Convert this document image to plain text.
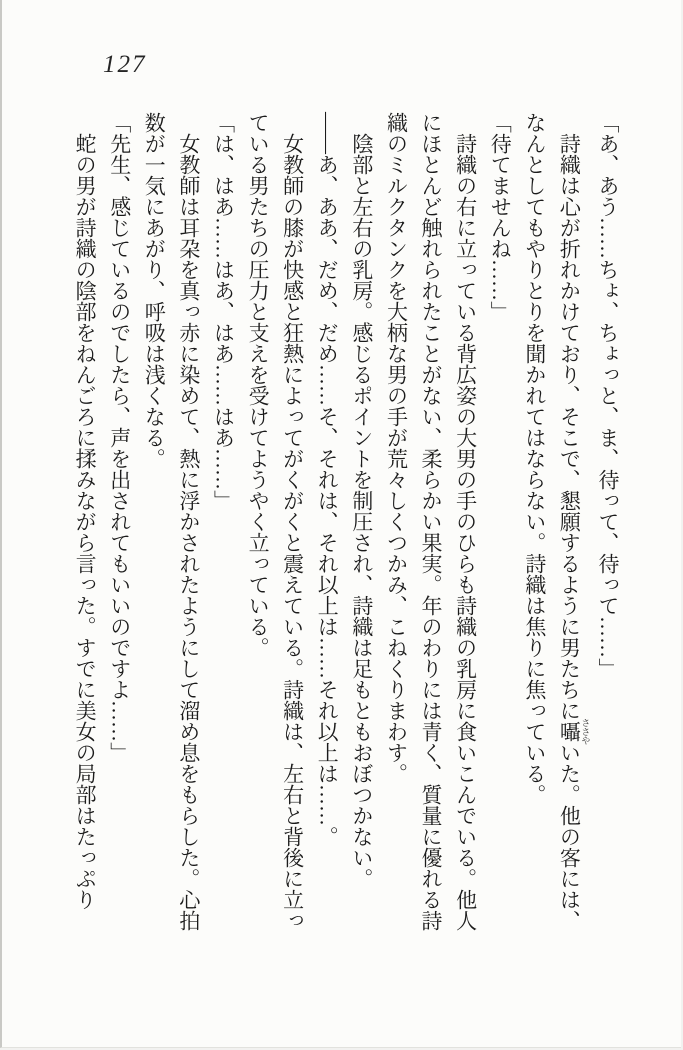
127

「あ、あう……ちょ、ちょっと、ま、待って、待って……」

詩織は心が折れかけており、そこで、懇願するように男たちに囁 ささやいた。他の客には、なんとしてもやりとりを聞かれてはならない。詩織は焦りに焦っている。

「待てませんね……」

詩織の右に立っている背広姿の大男の手のひらも詩織の乳房に食いこんでいる。他人にほとんど触れられたことがない、柔らかい果実。年のわりには青く、質量に優れる詩織のミルクタンクを大柄な男の手が荒々しくつかみ、こねくりまわす。

陰部と左右の乳房。感じるポイントを制圧され、詩織は足もともおぼつかない。

――あ、ああ、だめ、だめ……そ、それは、それ以上は……それ以上は……。

女教師の膝が快感と狂熱によってがくがくと震えている。詩織は、左右と背後に立っている男たちの圧力と支えを受けてようやく立っている。

「は、はあ……はあ、はあ……はあ……」

女教師は耳朶を真っ赤に染めて、熱に浮かされたようにして溜め息をもらした。心拍数が一気にあがり、呼吸は浅くなる。

「先生、感じているのでしたら、声を出されてもいいのですよ……」

蛇の男が詩織の陰部をねんごろに揉みながら言った。すでに美女の局部はたっぷり
